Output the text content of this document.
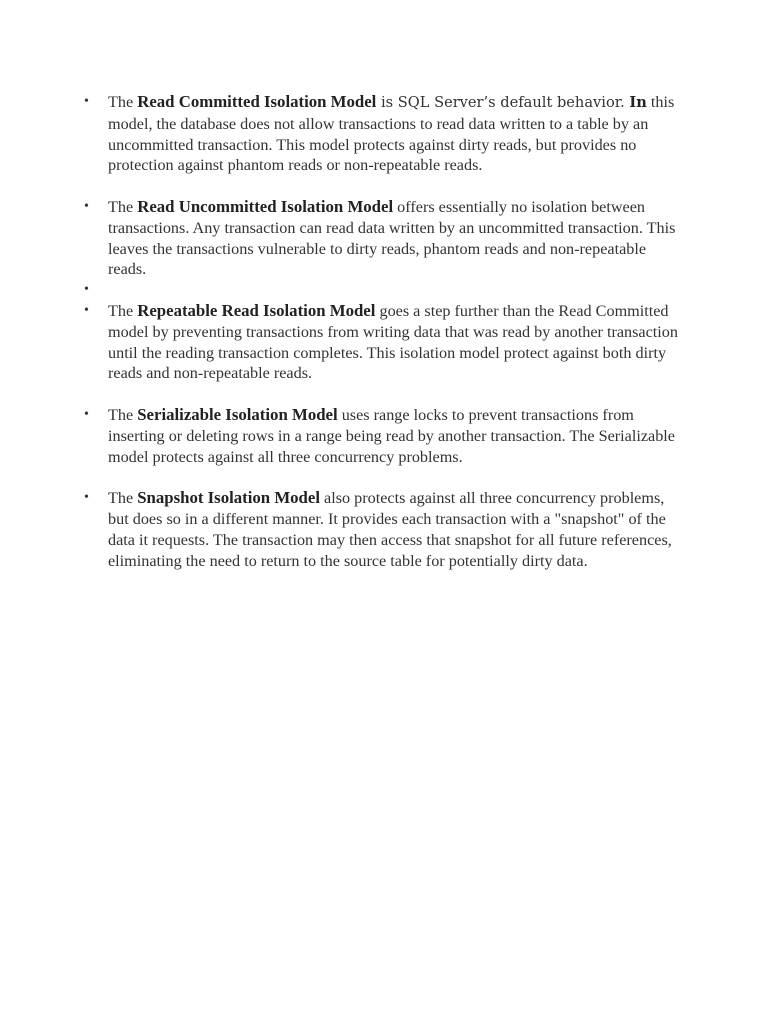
• The Read Committed Isolation Model is SQL Server’s default behavior. In this model, the database does not allow transactions to read data written to a table by an uncommitted transaction. This model protects against dirty reads, but provides no protection against phantom reads or non-repeatable reads.
• The Read Uncommitted Isolation Model offers essentially no isolation between transactions. Any transaction can read data written by an uncommitted transaction. This leaves the transactions vulnerable to dirty reads, phantom reads and non-repeatable reads.
•

• The Repeatable Read Isolation Model goes a step further than the Read Committed model by preventing transactions from writing data that was read by another transaction until the reading transaction completes. This isolation model protect against both dirty reads and non-repeatable reads.
• The Serializable Isolation Model uses range locks to prevent transactions from inserting or deleting rows in a range being read by another transaction. The Serializable model protects against all three concurrency problems.
• The Snapshot Isolation Model also protects against all three concurrency problems, but does so in a different manner. It provides each transaction with a "snapshot" of the data it requests. The transaction may then access that snapshot for all future references, eliminating the need to return to the source table for potentially dirty data.
